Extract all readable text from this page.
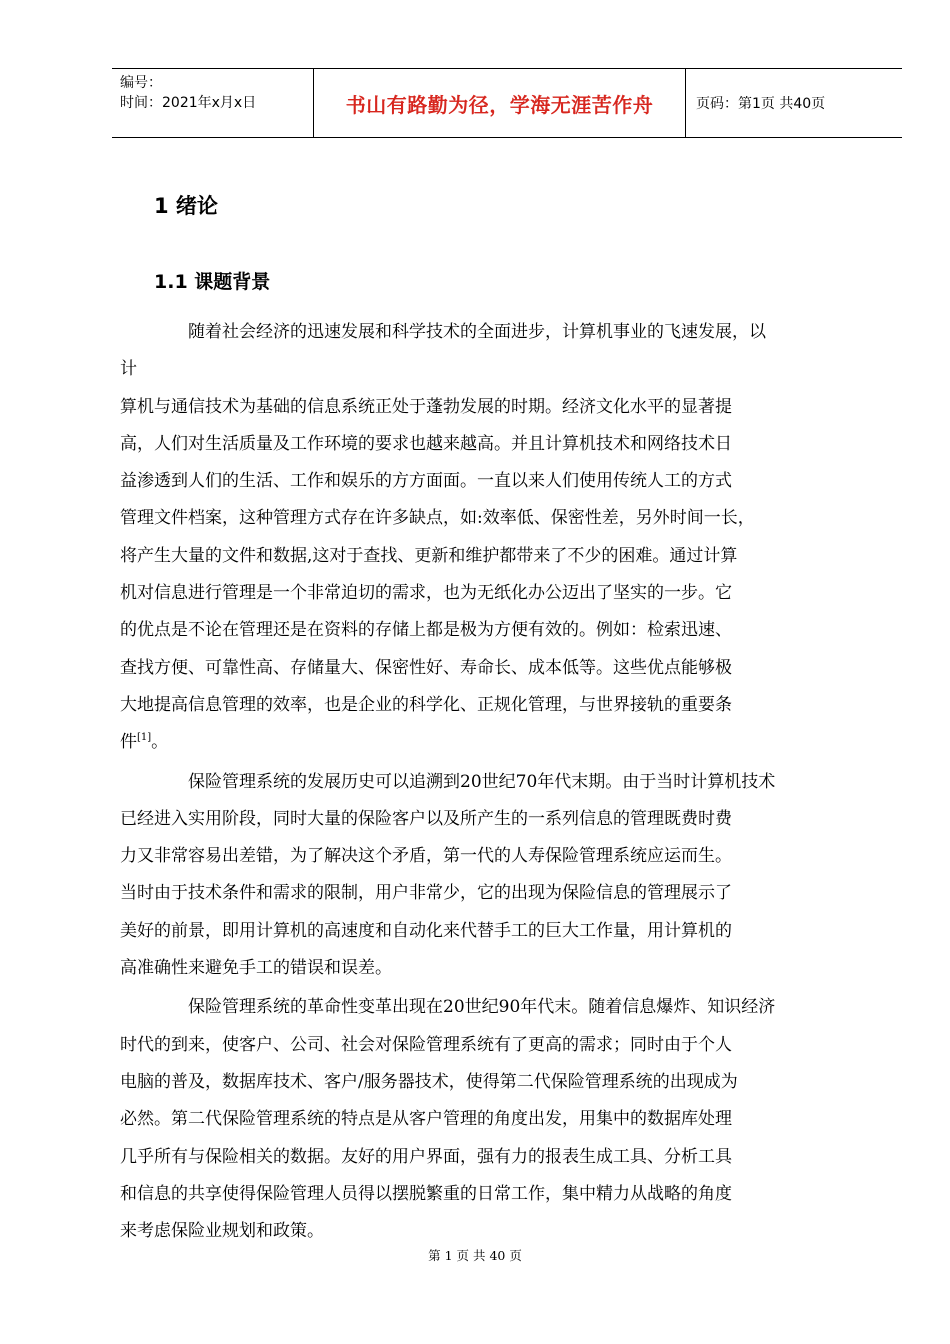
编号：
时间：2021年x月x日	书山有路勤为径，学海无涯苦作舟	页码：第1页 共40页
1 绪论
1.1 课题背景

随着社会经济的迅速发展和科学技术的全面进步，计算机事业的飞速发展，以
计
算机与通信技术为基础的信息系统正处于蓬勃发展的时期。经济文化水平的显著提
高，人们对生活质量及工作环境的要求也越来越高。并且计算机技术和网络技术日
益渗透到人们的生活、工作和娱乐的方方面面。一直以来人们使用传统人工的方式
管理文件档案，这种管理方式存在许多缺点，如:效率低、保密性差，另外时间一长，
将产生大量的文件和数据,这对于查找、更新和维护都带来了不少的困难。通过计算
机对信息进行管理是一个非常迫切的需求，也为无纸化办公迈出了坚实的一步。它
的优点是不论在管理还是在资料的存储上都是极为方便有效的。例如：检索迅速、
查找方便、可靠性高、存储量大、保密性好、寿命长、成本低等。这些优点能够极
大地提高信息管理的效率，也是企业的科学化、正规化管理，与世界接轨的重要条
件[1]。

保险管理系统的发展历史可以追溯到20世纪70年代末期。由于当时计算机技术
已经进入实用阶段，同时大量的保险客户以及所产生的一系列信息的管理既费时费
力又非常容易出差错，为了解决这个矛盾，第一代的人寿保险管理系统应运而生。
当时由于技术条件和需求的限制，用户非常少，它的出现为保险信息的管理展示了
美好的前景，即用计算机的高速度和自动化来代替手工的巨大工作量，用计算机的
高准确性来避免手工的错误和误差。

保险管理系统的革命性变革出现在20世纪90年代末。随着信息爆炸、知识经济
时代的到来，使客户、公司、社会对保险管理系统有了更高的需求；同时由于个人
电脑的普及，数据库技术、客户/服务器技术，使得第二代保险管理系统的出现成为
必然。第二代保险管理系统的特点是从客户管理的角度出发，用集中的数据库处理
几乎所有与保险相关的数据。友好的用户界面，强有力的报表生成工具、分析工具
和信息的共享使得保险管理人员得以摆脱繁重的日常工作，集中精力从战略的角度
来考虑保险业规划和政策。

第 1 页 共 40 页
